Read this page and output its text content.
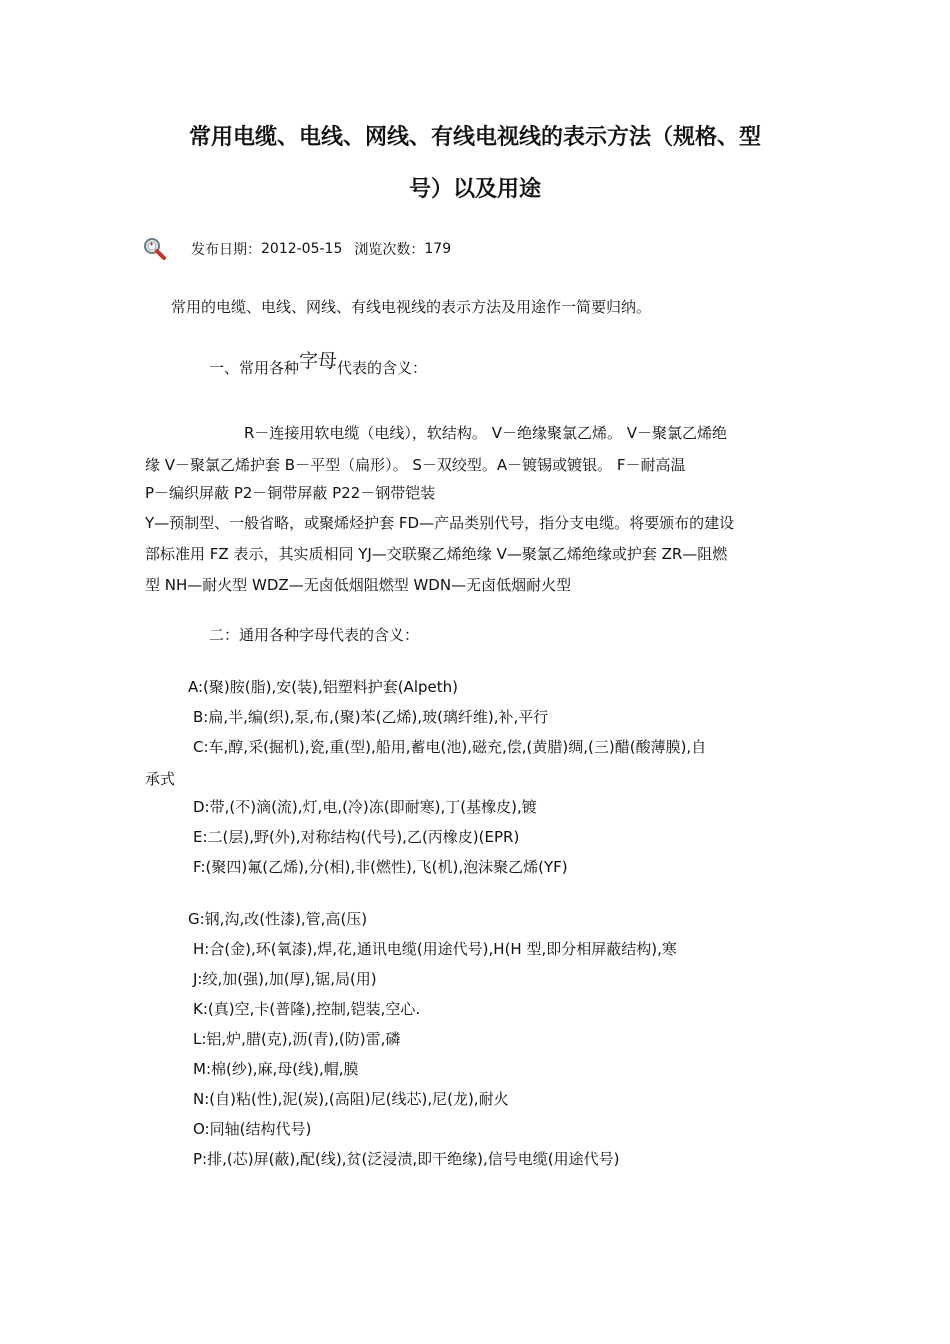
常用电缆、电线、网线、有线电视线的表示方法（规格、型
号）以及用途
发布日期： 2012-05-15 浏览次数： 179
常用的电缆、电线、网线、有线电视线的表示方法及用途作一简要归纳。
一、常用各种字母代表的含义：
R－连接用软电缆（电线），软结构。 V－绝缘聚氯乙烯。 V－聚氯乙烯绝
缘 V－聚氯乙烯护套 B－平型（扁形）。 S－双绞型。A－镀锡或镀银。 F－耐高温
P－编织屏蔽 P2－铜带屏蔽 P22－钢带铠装
Y—预制型、一般省略，或聚烯烃护套 FD—产品类别代号，指分支电缆。将要颁布的建设
部标准用 FZ 表示，其实质相同 YJ—交联聚乙烯绝缘 V—聚氯乙烯绝缘或护套 ZR—阻燃
型 NH—耐火型 WDZ—无卤低烟阻燃型 WDN—无卤低烟耐火型
二：通用各种字母代表的含义：
A:(聚)胺(脂),安(装),铝塑料护套(Alpeth)
B:扁,半,编(织),泵,布,(聚)苯(乙烯),玻(璃纤维),补,平行
C:车,醇,采(掘机),瓷,重(型),船用,蓄电(池),磁充,偿,(黄腊)绸,(三)醋(酸薄膜),自
承式
D:带,(不)滴(流),灯,电,(冷)冻(即耐寒),丁(基橡皮),镀
E:二(层),野(外),对称结构(代号),乙(丙橡皮)(EPR)
F:(聚四)氟(乙烯),分(相),非(燃性),飞(机),泡沫聚乙烯(YF)
G:钢,沟,改(性漆),管,高(压)
H:合(金),环(氧漆),焊,花,通讯电缆(用途代号),H(H 型,即分相屏蔽结构),寒
J:绞,加(强),加(厚),锯,局(用)
K:(真)空,卡(普隆),控制,铠装,空心.
L:铝,炉,腊(克),沥(青),(防)雷,磷
M:棉(纱),麻,母(线),帽,膜
N:(自)粘(性),泥(炭),(高阻)尼(线芯),尼(龙),耐火
O:同轴(结构代号)
P:排,(芯)屏(蔽),配(线),贫(泛浸渍,即干绝缘),信号电缆(用途代号)
